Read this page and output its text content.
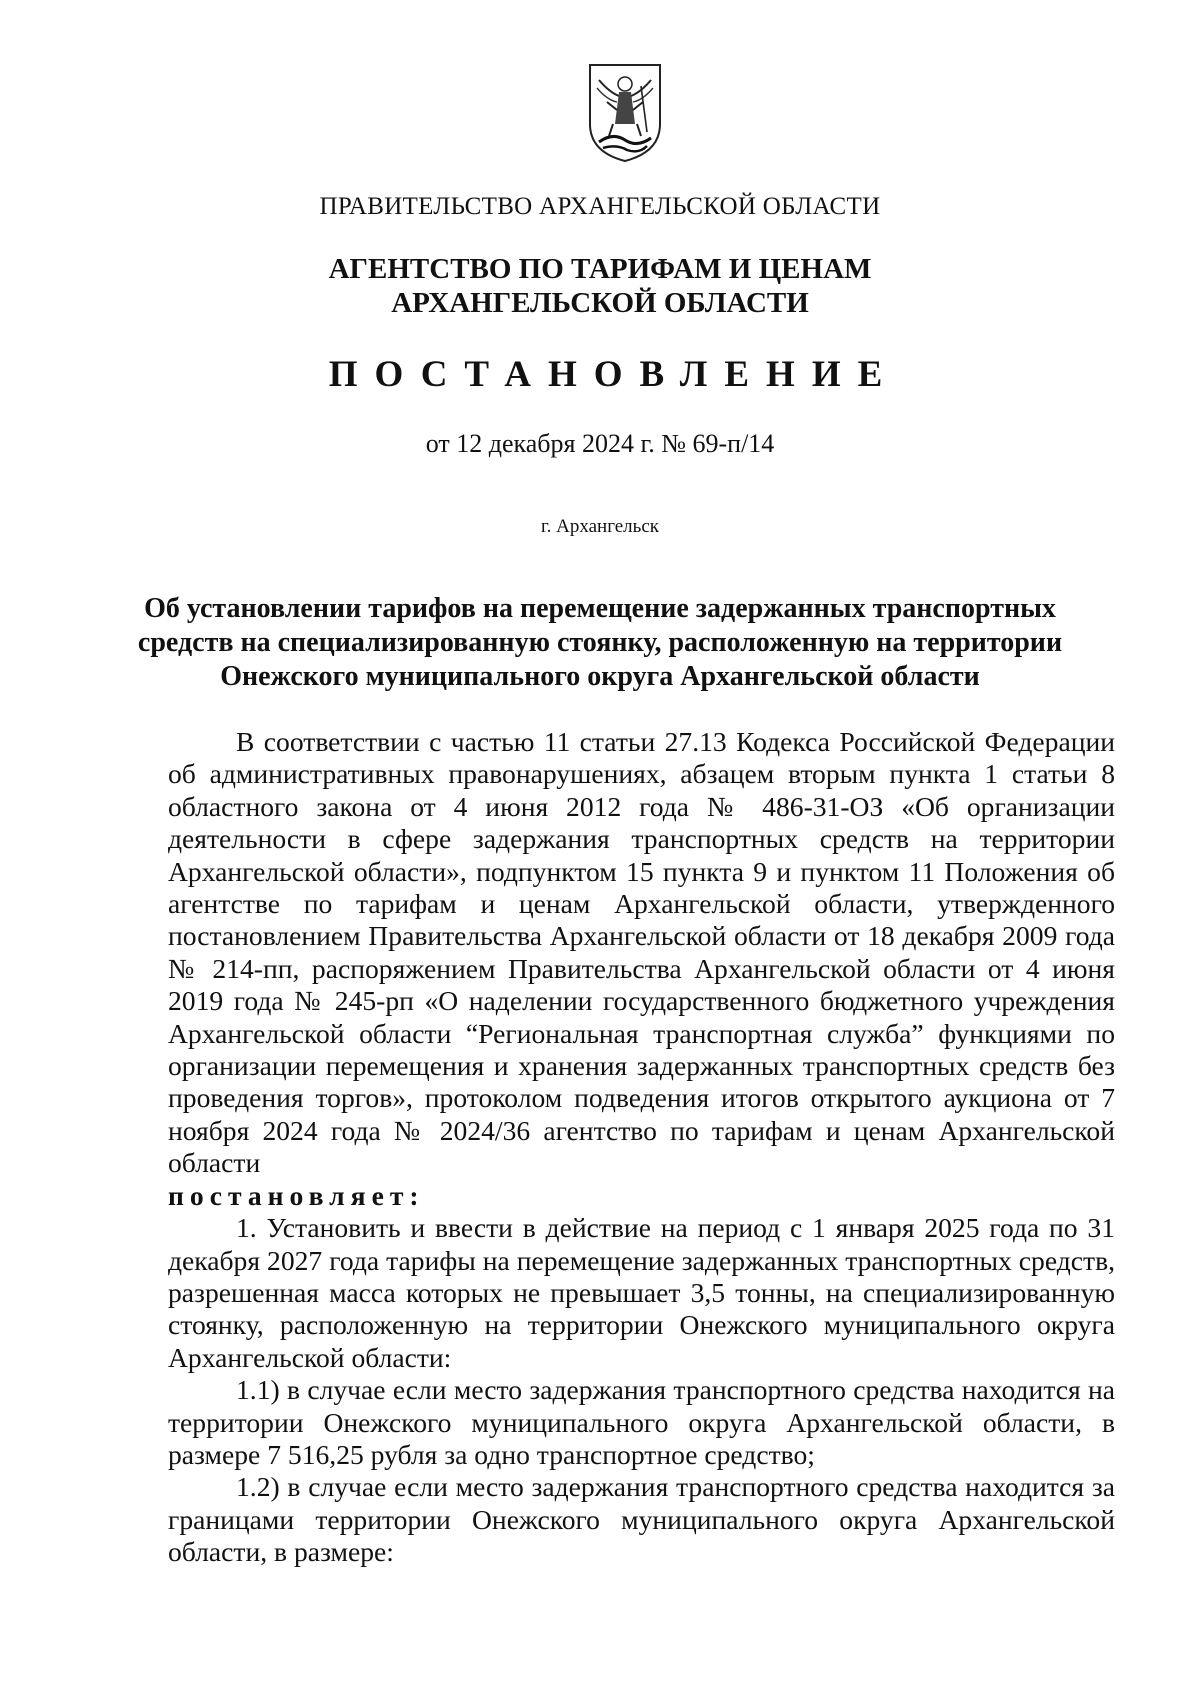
ПРАВИТЕЛЬСТВО АРХАНГЕЛЬСКОЙ ОБЛАСТИ
АГЕНТСТВО ПО ТАРИФАМ И ЦЕНАМ
АРХАНГЕЛЬСКОЙ ОБЛАСТИ
ПОСТАНОВЛЕНИЕ
от 12 декабря 2024 г. № 69-п/14
г. Архангельск
Об установлении тарифов на перемещение задержанных транспортных
средств на специализированную стоянку, расположенную на территории
Онежского муниципального округа Архангельской области

В соответствии с частью 11 статьи 27.13 Кодекса Российской Федерации об административных правонарушениях, абзацем вторым пункта 1 статьи 8 областного закона от 4 июня 2012 года № 486-31-ОЗ «Об организации деятельности в сфере задержания транспортных средств на территории Архангельской области», подпунктом 15 пункта 9 и пунктом 11 Положения об агентстве по тарифам и ценам Архангельской области, утвержденного постановлением Правительства Архангельской области от 18 декабря 2009 года № 214-пп, распоряжением Правительства Архангельской области от 4 июня 2019 года № 245-рп «О наделении государственного бюджетного учреждения Архангельской области “Региональная транспортная служба” функциями по организации перемещения и хранения задержанных транспортных средств без проведения торгов», протоколом подведения итогов открытого аукциона от 7 ноября 2024 года № 2024/36 агентство по тарифам и ценам Архангельской области

постановляет:

1. Установить и ввести в действие на период с 1 января 2025 года по 31 декабря 2027 года тарифы на перемещение задержанных транспортных средств, разрешенная масса которых не превышает 3,5 тонны, на специализированную стоянку, расположенную на территории Онежского муниципального округа Архангельской области:

1.1) в случае если место задержания транспортного средства находится на территории Онежского муниципального округа Архангельской области, в размере 7 516,25 рубля за одно транспортное средство;

1.2) в случае если место задержания транспортного средства находится за границами территории Онежского муниципального округа Архангельской области, в размере:
